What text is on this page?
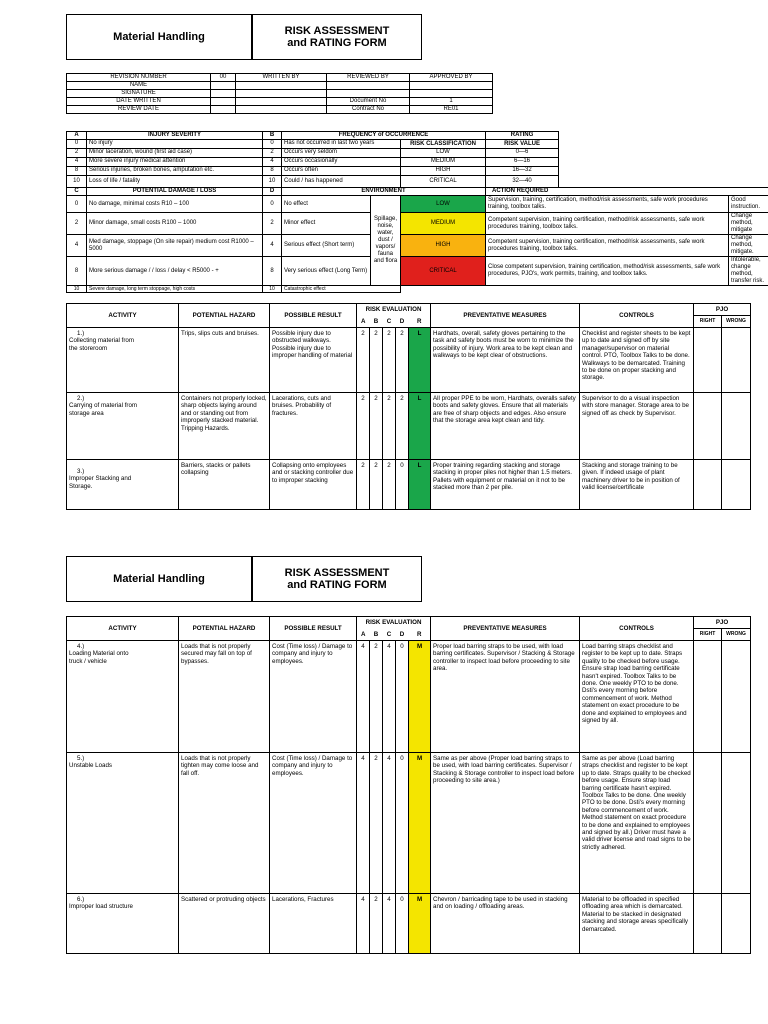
Material Handling	RISK ASSESSMENT and RATING FORM
REVISION NUMBER	00	WRITTEN BY	REVIEWED BY	APPROVED BY
NAME				
SIGNATURE				
DATE WRITTEN			Document No	1
REVIEW DATE			Contract No	RE01
A	INJURY SEVERITY	B	FREQUENCY of OCCURRENCE			RATING		
0	No injury	0	Has not occurred in last two years		RISK CLASSIFICATION	RISK VALUE		
2	Minor laceration, wound (first aid case)	2	Occurs very seldom		LOW	0—6		
4	More severe injury medical attention	4	Occurs occasionally		MEDIUM	6—16		
8	Serious injuries, broken bones, amputation etc.	8	Occurs often		HIGH	16—32		
10	Loss of life / fatality	10	Could / has happened		CRITICAL	32—40		
C	POTENTIAL DAMAGE / LOSS	D	ENVIRONMENT			ACTION REQUIRED		
0	No damage, minimal costs R10 – 100	0	No effect	Spillage, noise, water, dust / vapors/ fauna and flora	LOW	Supervision, training, certification, method/risk assessments, safe work procedures training, toolbox talks.		Good instruction.
2	Minor damage, small costs R100 – 1000	2	Minor effect		MEDIUM	Competent supervision, training certification, method/risk assessments, safe work procedures training, toolbox talks.		Change method, mitigate
4	Med damage, stoppage (On site repair) medium cost R1000 – 5000	4	Serious effect (Short term)		HIGH	Competent supervision, training certification, method/risk assessments, safe work procedures training, toolbox talks.		Change method, mitigate.
8	More serious damage / / loss / delay < R5000 - +	8	Very serious effect (Long Term)		CRITICAL	Close competent supervision, training certification, method/risk assessments, safe work procedures, PJO's, work permits, training, and toolbox talks.		Intolerable, change method, transfer risk.
10	Severe damage, long term stoppage, high costs	10	Catastrophic effect					
ACTIVITY	POTENTIAL HAZARD	POSSIBLE RESULT	RISK EVALUATION					PREVENTATIVE MEASURES	CONTROLS	PJO	
			A	B	C	D	R			RIGHT	WRONG
1.)Collecting material from the storeroom	Trips, slips cuts and bruises.	Possible injury due to obstructed walkways. Possible injury due to improper handling of material	2	2	2	2	L	Hardhats, overall, safety gloves pertaining to the task and safety boots must be worn to minimize the possibility of injury. Work area to be kept clean and walkways to be kept clear of obstructions.	Checklist and register sheets to be kept up to date and signed off by site manager/supervisor on material control. PTO, Toolbox Talks to be done. Walkways to be demarcated. Training to be done on proper stacking and storage.		
2.)Carrying of material from storage area	Containers not properly locked, sharp objects laying around and or standing out from improperly stacked material. Tripping Hazards.	Lacerations, cuts and bruises. Probability of fractures.	2	2	2	2	L	All proper PPE to be worn, Hardhats, overalls safety boots and safety gloves. Ensure that all materials are free of sharp objects and edges. Also ensure that the storage area kept clean and tidy.	Supervisor to do a visual inspection with store manager. Storage area to be signed off as check by Supervisor.		
3.)Improper Stacking and Storage.	Barriers, stacks or pallets collapsing	Collapsing onto employees and or stacking controller due to improper stacking	2	2	2	0	L	Proper training regarding stacking and storage stacking in proper piles not higher than 1.5 meters. Pallets with equipment or material on it not to be stacked more than 2 per pile.	Stacking and storage training to be given. If indeed usage of plant machinery driver to be in position of valid license/certificate		
Material Handling	RISK ASSESSMENT and RATING FORM
ACTIVITY	POTENTIAL HAZARD	POSSIBLE RESULT	RISK EVALUATION					PREVENTATIVE MEASURES	CONTROLS	PJO	
			A	B	C	D	R			RIGHT	WRONG
4.)Loading Material onto truck / vehicle	Loads that is not properly secured may fall on top of bypasses.	Cost (Time loss) / Damage to company and injury to employees.	4	2	4	0	M	Proper load barring straps to be used, with load barring certificates. Supervisor / Stacking & Storage controller to inspect load before proceeding to site area.	Load barring straps checklist and register to be kept up to date. Straps quality to be checked before usage. Ensure strap load barring certificate hasn't expired. Toolbox Talks to be done. One weekly PTO to be done. Dsti's every morning before commencement of work. Method statement on exact procedure to be done and explained to employees and signed by all.		
5.)Unstable Loads	Loads that is not properly tighten may come loose and fall off.	Cost (Time loss) / Damage to company and injury to employees.	4	2	4	0	M	Same as per above (Proper load barring straps to be used, with load barring certificates. Supervisor / Stacking & Storage controller to inspect load before proceeding to site area.)	Same as per above (Load barring straps checklist and register to be kept up to date. Straps quality to be checked before usage. Ensure strap load barring certificate hasn't expired. Toolbox Talks to be done. One weekly PTO to be done. Dsti's every morning before commencement of work. Method statement on exact procedure to be done and explained to employees and signed by all.) Driver must have a valid driver license and road signs to be strictly adhered.		
6.)Improper load structure	Scattered or protruding objects	Lacerations, Fractures	4	2	4	0	M	Chevron / barricading tape to be used in stacking and on loading / offloading areas.	Material to be offloaded in specified offloading area which is demarcated. Material to be stacked in designated stacking and storage areas specifically demarcated.		
